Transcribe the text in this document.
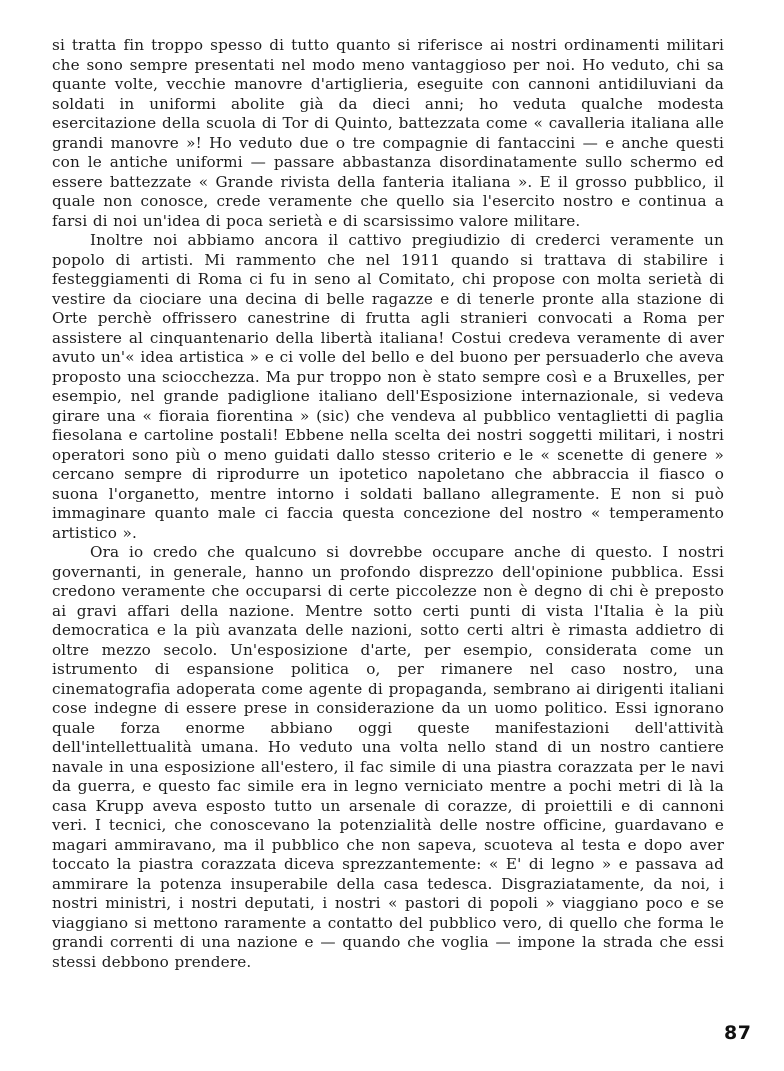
si tratta fin troppo spesso di tutto quanto si riferisce ai nostri ordinamenti militari che sono sempre presentati nel modo meno vantaggioso per noi. Ho veduto, chi sa quante volte, vecchie manovre d'artiglieria, eseguite con cannoni antidiluviani da soldati in uniformi abolite già da dieci anni; ho veduta qualche modesta esercitazione della scuola di Tor di Quinto, battezzata come « cavalleria italiana alle grandi manovre »! Ho veduto due o tre compagnie di fantaccini — e anche questi con le antiche uniformi — passare abbastanza disordinatamente sullo schermo ed essere battezzate « Grande rivista della fanteria italiana ». E il grosso pubblico, il quale non conosce, crede veramente che quello sia l'esercito nostro e continua a farsi di noi un'idea di poca serietà e di scarsissimo valore militare.

Inoltre noi abbiamo ancora il cattivo pregiudizio di crederci veramente un popolo di artisti. Mi rammento che nel 1911 quando si trattava di stabilire i festeggiamenti di Roma ci fu in seno al Comitato, chi propose con molta serietà di vestire da ciociare una decina di belle ragazze e di tenerle pronte alla stazione di Orte perchè offrissero canestrine di frutta agli stranieri convocati a Roma per assistere al cinquantenario della libertà italiana! Costui credeva veramente di aver avuto un'« idea artistica » e ci volle del bello e del buono per persuaderlo che aveva proposto una sciocchezza. Ma pur troppo non è stato sempre così e a Bruxelles, per esempio, nel grande padiglione italiano dell'Esposizione internazionale, si vedeva girare una « fioraia fiorentina » (sic) che vendeva al pubblico ventaglietti di paglia fiesolana e cartoline postali! Ebbene nella scelta dei nostri soggetti militari, i nostri operatori sono più o meno guidati dallo stesso criterio e le « scenette di genere » cercano sempre di riprodurre un ipotetico napoletano che abbraccia il fiasco o suona l'organetto, mentre intorno i soldati ballano allegramente. E non si può immaginare quanto male ci faccia questa concezione del nostro « temperamento artistico ».

Ora io credo che qualcuno si dovrebbe occupare anche di questo. I nostri governanti, in generale, hanno un profondo disprezzo dell'opinione pubblica. Essi credono veramente che occuparsi di certe piccolezze non è degno di chi è preposto ai gravi affari della nazione. Mentre sotto certi punti di vista l'Italia è la più democratica e la più avanzata delle nazioni, sotto certi altri è rimasta addietro di oltre mezzo secolo. Un'esposizione d'arte, per esempio, considerata come un istrumento di espansione politica o, per rimanere nel caso nostro, una cinematografia adoperata come agente di propaganda, sembrano ai dirigenti italiani cose indegne di essere prese in considerazione da un uomo politico. Essi ignorano quale forza enorme abbiano oggi queste manifestazioni dell'attività dell'intellettualità umana. Ho veduto una volta nello stand di un nostro cantiere navale in una esposizione all'estero, il fac simile di una piastra corazzata per le navi da guerra, e questo fac simile era in legno verniciato mentre a pochi metri di là la casa Krupp aveva esposto tutto un arsenale di corazze, di proiettili e di cannoni veri. I tecnici, che conoscevano la potenzialità delle nostre officine, guardavano e magari ammiravano, ma il pubblico che non sapeva, scuoteva al testa e dopo aver toccato la piastra corazzata diceva sprezzantemente: « E' di legno » e passava ad ammirare la potenza insuperabile della casa tedesca. Disgraziatamente, da noi, i nostri ministri, i nostri deputati, i nostri « pastori di popoli » viaggiano poco e se viaggiano si mettono raramente a contatto del pubblico vero, di quello che forma le grandi correnti di una nazione e — quando che voglia — impone la strada che essi stessi debbono prendere.

87
